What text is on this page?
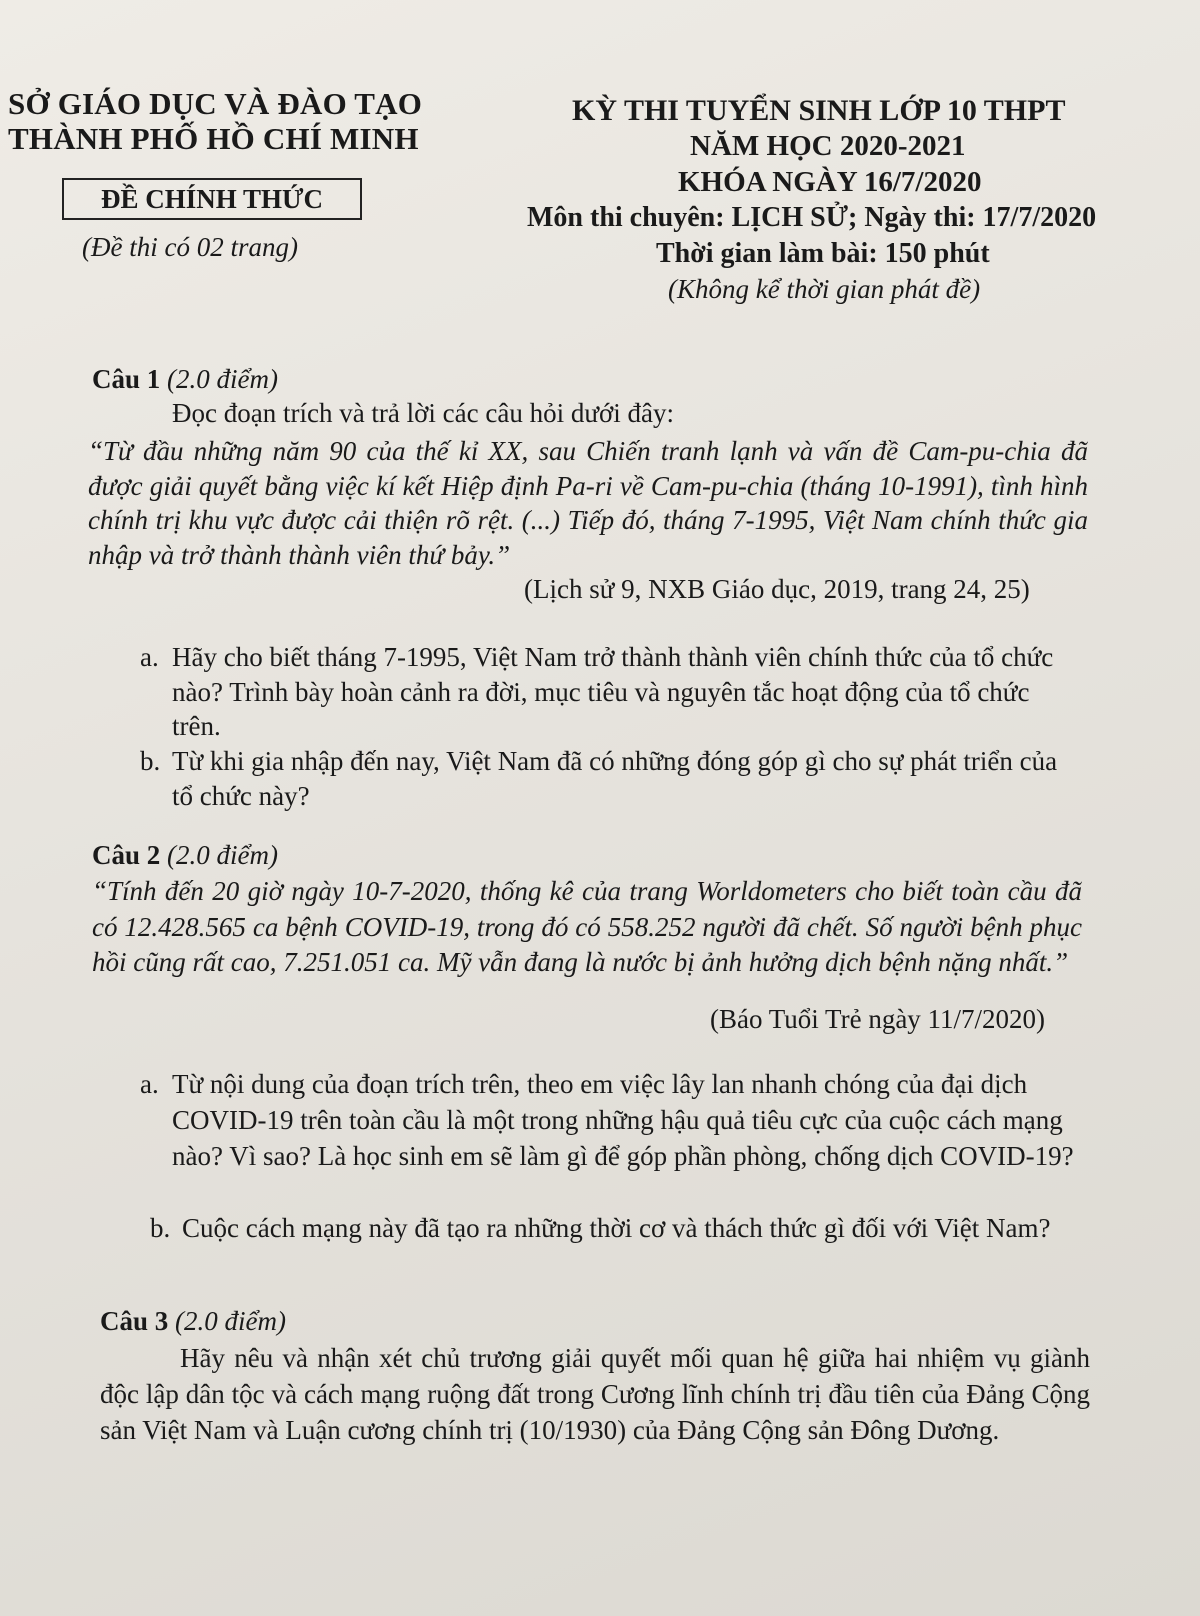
SỞ GIÁO DỤC VÀ ĐÀO TẠO
THÀNH PHỐ HỒ CHÍ MINH
ĐỀ CHÍNH THỨC
(Đề thi có 02 trang)
KỲ THI TUYỂN SINH LỚP 10 THPT
NĂM HỌC 2020-2021
KHÓA NGÀY 16/7/2020
Môn thi chuyên: LỊCH SỬ; Ngày thi: 17/7/2020
Thời gian làm bài: 150 phút
(Không kể thời gian phát đề)
Câu 1 (2.0 điểm)
Đọc đoạn trích và trả lời các câu hỏi dưới đây:
“Từ đầu những năm 90 của thế kỉ XX, sau Chiến tranh lạnh và vấn đề Cam-pu-chia đã được giải quyết bằng việc kí kết Hiệp định Pa-ri về Cam-pu-chia (tháng 10-1991), tình hình chính trị khu vực được cải thiện rõ rệt. (...) Tiếp đó, tháng 7-1995, Việt Nam chính thức gia nhập và trở thành thành viên thứ bảy.”
(Lịch sử 9, NXB Giáo dục, 2019, trang 24, 25)
a. Hãy cho biết tháng 7-1995, Việt Nam trở thành thành viên chính thức của tổ chức nào? Trình bày hoàn cảnh ra đời, mục tiêu và nguyên tắc hoạt động của tổ chức trên.
b. Từ khi gia nhập đến nay, Việt Nam đã có những đóng góp gì cho sự phát triển của tổ chức này?
Câu 2 (2.0 điểm)
“Tính đến 20 giờ ngày 10-7-2020, thống kê của trang Worldometers cho biết toàn cầu đã có 12.428.565 ca bệnh COVID-19, trong đó có 558.252 người đã chết. Số người bệnh phục hồi cũng rất cao, 7.251.051 ca. Mỹ vẫn đang là nước bị ảnh hưởng dịch bệnh nặng nhất.”
(Báo Tuổi Trẻ ngày 11/7/2020)
a. Từ nội dung của đoạn trích trên, theo em việc lây lan nhanh chóng của đại dịch COVID-19 trên toàn cầu là một trong những hậu quả tiêu cực của cuộc cách mạng nào? Vì sao? Là học sinh em sẽ làm gì để góp phần phòng, chống dịch COVID-19?
b. Cuộc cách mạng này đã tạo ra những thời cơ và thách thức gì đối với Việt Nam?
Câu 3 (2.0 điểm)
Hãy nêu và nhận xét chủ trương giải quyết mối quan hệ giữa hai nhiệm vụ giành độc lập dân tộc và cách mạng ruộng đất trong Cương lĩnh chính trị đầu tiên của Đảng Cộng sản Việt Nam và Luận cương chính trị (10/1930) của Đảng Cộng sản Đông Dương.
